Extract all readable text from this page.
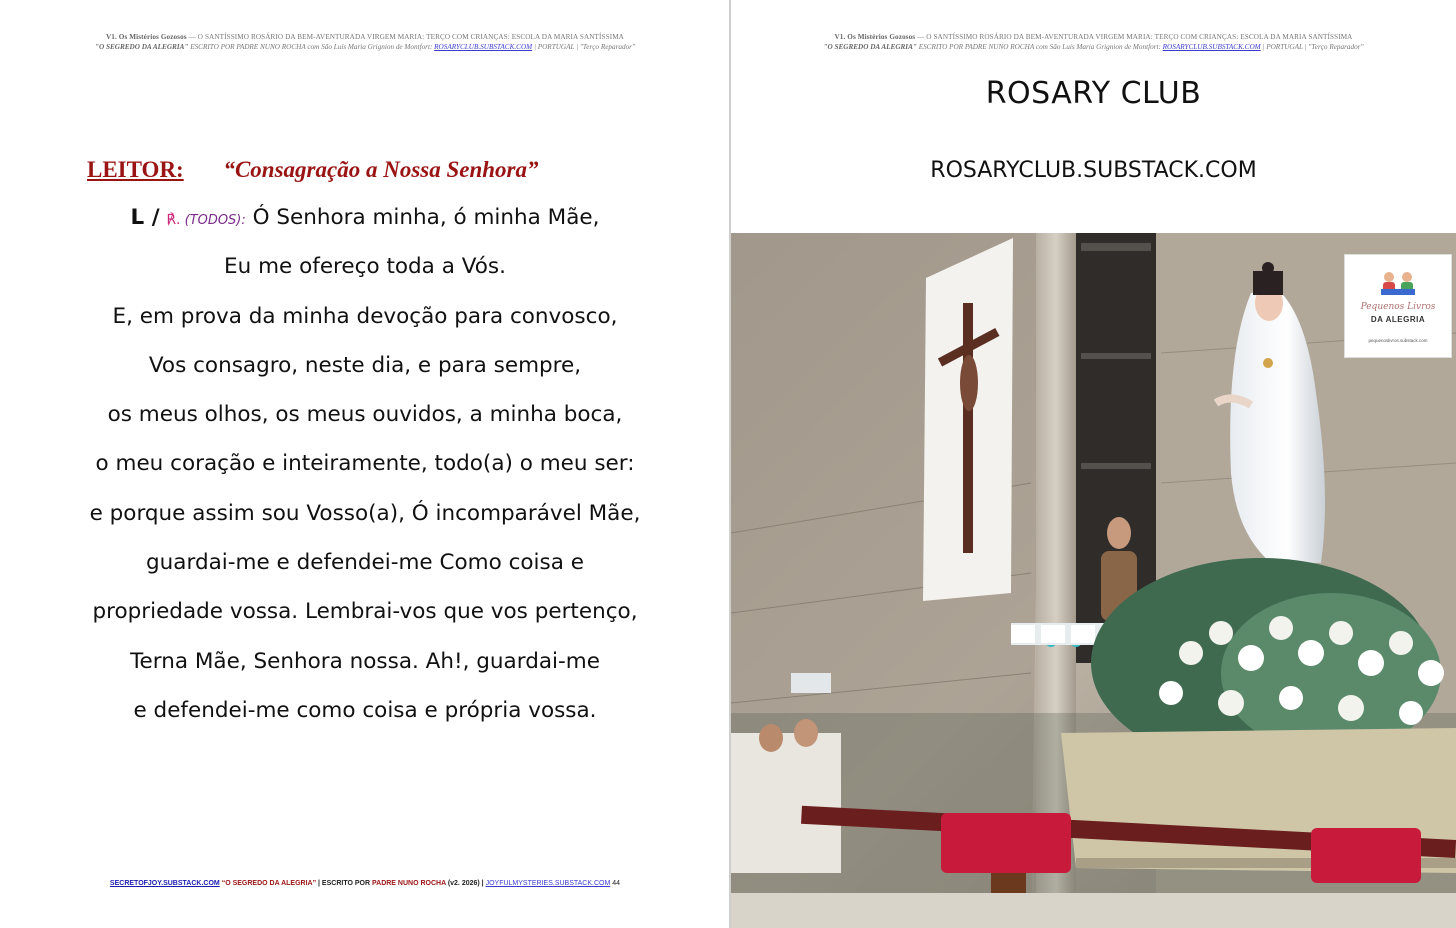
V1. Os Mistérios Gozosos — O SANTÍSSIMO ROSÁRIO DA BEM-AVENTURADA VIRGEM MARIA: TERÇO COM CRIANÇAS: ESCOLA DA MARIA SANTÍSSIMA
"O SEGREDO DA ALEGRIA" ESCRITO POR PADRE NUNO ROCHA com São Luís Maria Grignion de Montfort: ROSARYCLUB.SUBSTACK.COM | PORTUGAL | "Terço Reparador"
LEITOR: “Consagração a Nossa Senhora”
L / ℟. (TODOS): Ó Senhora minha, ó minha Mãe,
Eu me ofereço toda a Vós.
E, em prova da minha devoção para convosco,
Vos consagro, neste dia, e para sempre,
os meus olhos, os meus ouvidos, a minha boca,
o meu coração e inteiramente, todo(a) o meu ser:
e porque assim sou Vosso(a), Ó incomparável Mãe,
guardai-me e defendei-me Como coisa e
propriedade vossa. Lembrai-vos que vos pertenço,
Terna Mãe, Senhora nossa. Ah!, guardai-me
e defendei-me como coisa e própria vossa.
SECRETOFJOY.SUBSTACK.COM “O SEGREDO DA ALEGRIA” | ESCRITO POR PADRE NUNO ROCHA (v2. 2026) | JOYFULMYSTERIES.SUBSTACK.COM 44
V1. Os Mistérios Gozosos — O SANTÍSSIMO ROSÁRIO DA BEM-AVENTURADA VIRGEM MARIA: TERÇO COM CRIANÇAS: ESCOLA DA MARIA SANTÍSSIMA
"O SEGREDO DA ALEGRIA" ESCRITO POR PADRE NUNO ROCHA com São Luís Maria Grignion de Montfort: ROSARYCLUB.SUBSTACK.COM | PORTUGAL | "Terço Reparador"
ROSARY CLUB
ROSARYCLUB.SUBSTACK.COM
Pequenos Livros
DA ALEGRIA
pequenoslivros.substack.com
